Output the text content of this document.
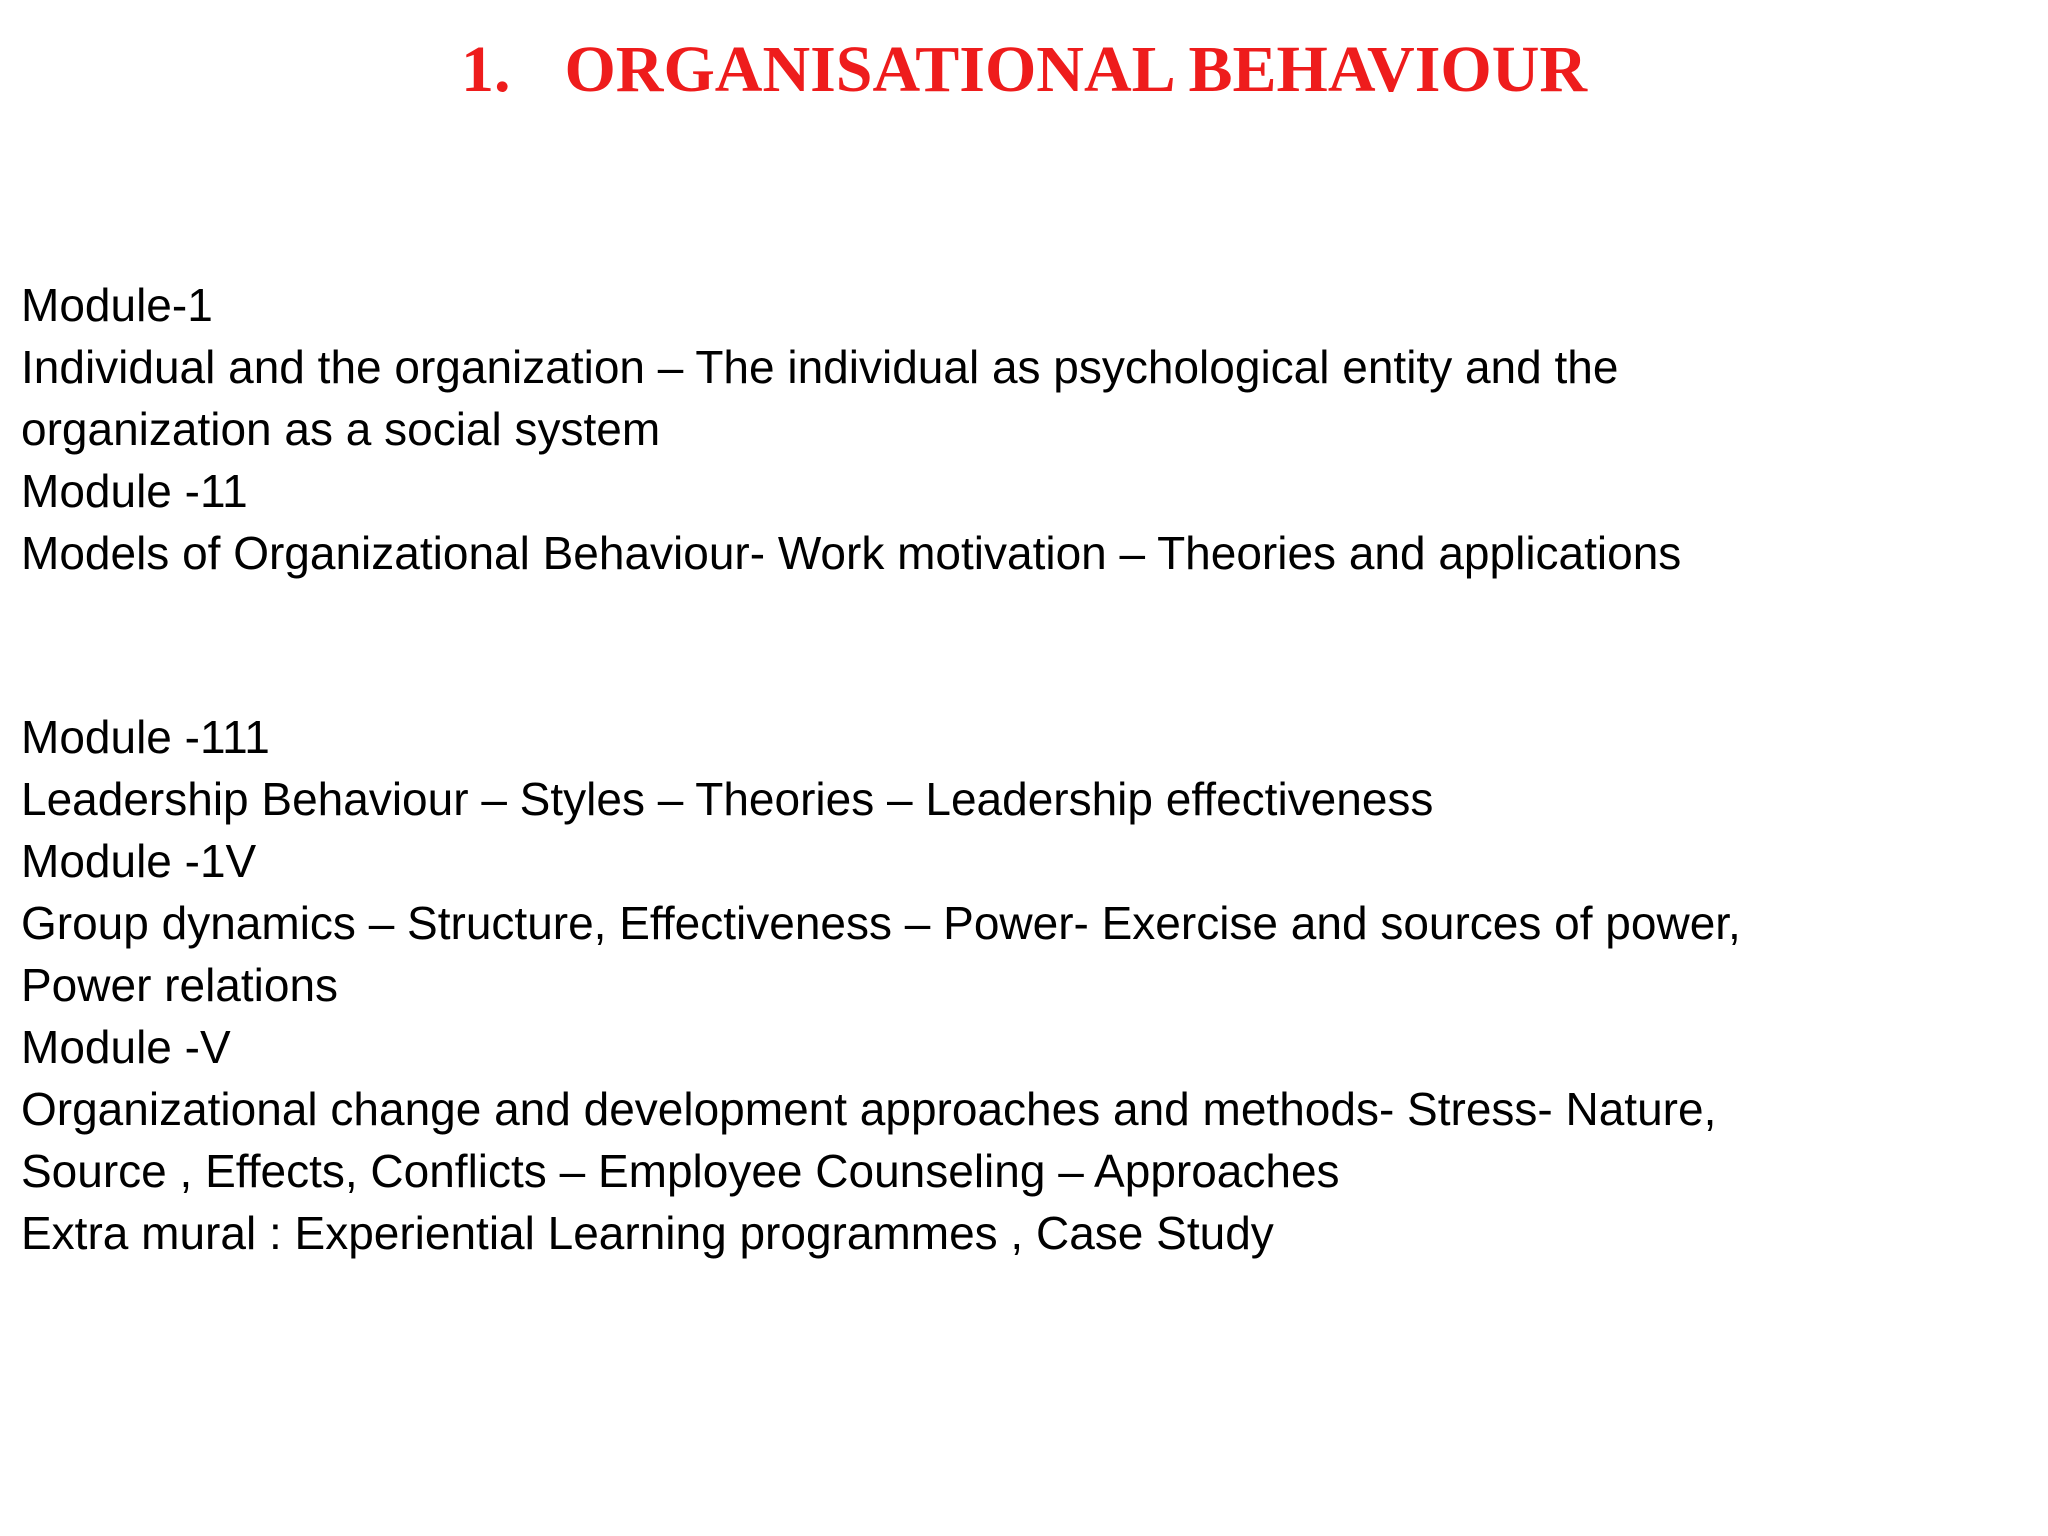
1. ORGANISATIONAL BEHAVIOUR
Module-1
Individual and the organization – The individual as psychological entity and the
organization as a social system
Module -11
Models of Organizational Behaviour- Work motivation – Theories and applications
Module -111
Leadership Behaviour – Styles – Theories – Leadership effectiveness
Module -1V
Group dynamics – Structure, Effectiveness – Power- Exercise and sources of power,
Power relations
Module -V
Organizational change and development approaches and methods- Stress- Nature,
Source , Effects, Conflicts – Employee Counseling – Approaches
Extra mural : Experiential Learning programmes , Case Study
